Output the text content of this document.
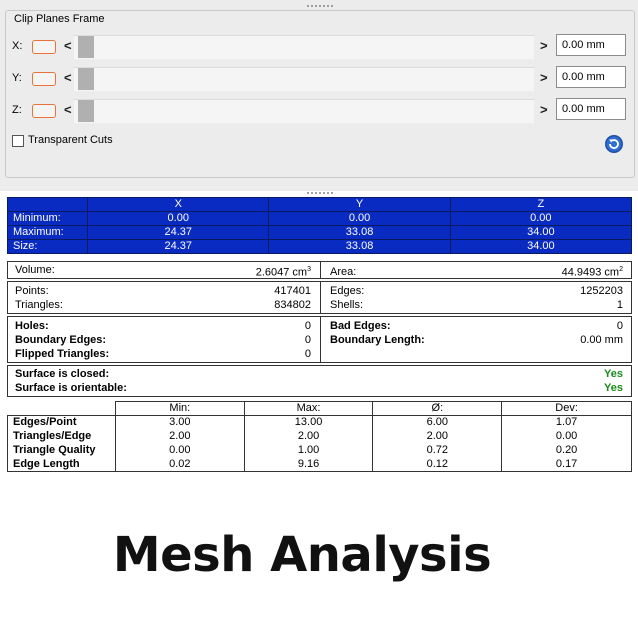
Clip Planes Frame
X:	<	>	0.00 mm
Y:	<	>	0.00 mm
Z:	<	>	0.00 mm
Transparent Cuts
	X	Y	Z
Minimum:	0.00	0.00	0.00
Maximum:	24.37	33.08	34.00
Size:	24.37	33.08	34.00
Volume:	2.6047 $cm^3$ Area:	44.9493 $cm^2$
Points:	417401 Edges:	1252203
Triangles:	834802 Shells:	1
Holes:	0 Bad Edges:	0
Boundary Edges:	0 Boundary Length:	0.00 mm
Flipped Triangles:	0
Surface is closed:	Yes
Surface is orientable:	Yes
	Min:	Max:	Ø:	Dev:
Edges/Point	3.00	13.00	6.00	1.07
Triangles/Edge	2.00	2.00	2.00	0.00
Triangle Quality	0.00	1.00	0.72	0.20
Edge Length	0.02	9.16	0.12	0.17
Mesh Analysis
